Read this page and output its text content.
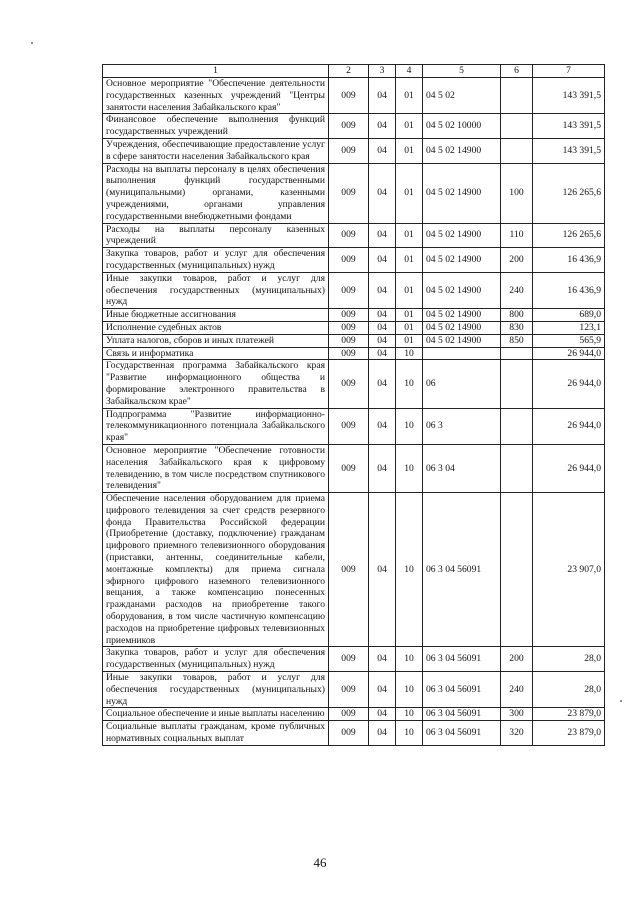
1	2	3	4	5	6	7
Основное мероприятие "Обеспечение деятельности государственных казенных учреждений "Центры занятости населения Забайкальского края"	009	04	01	04 5 02		143 391,5
Финансовое обеспечение выполнения функций государственных учреждений	009	04	01	04 5 02 10000		143 391,5
Учреждения, обеспечивающие предоставление услуг в сфере занятости населения Забайкальского края	009	04	01	04 5 02 14900		143 391,5
Расходы на выплаты персоналу в целях обеспечения выполнения функций государственными (муниципальными) органами, казенными учреждениями, органами управления государственными внебюджетными фондами	009	04	01	04 5 02 14900	100	126 265,6
Расходы на выплаты персоналу казенных учреждений	009	04	01	04 5 02 14900	110	126 265,6
Закупка товаров, работ и услуг для обеспечения государственных (муниципальных) нужд	009	04	01	04 5 02 14900	200	16 436,9
Иные закупки товаров, работ и услуг для обеспечения государственных (муниципальных) нужд	009	04	01	04 5 02 14900	240	16 436,9
Иные бюджетные ассигнования	009	04	01	04 5 02 14900	800	689,0
Исполнение судебных актов	009	04	01	04 5 02 14900	830	123,1
Уплата налогов, сборов и иных платежей	009	04	01	04 5 02 14900	850	565,9
Связь и информатика	009	04	10			26 944,0
Государственная программа Забайкальского края "Развитие информационного общества и формирование электронного правительства в Забайкальском крае"	009	04	10	06		26 944,0
Подпрограмма "Развитие информационно-телекоммуникационного потенциала Забайкальского края"	009	04	10	06 3		26 944,0
Основное мероприятие "Обеспечение готовности населения Забайкальского края к цифровому телевидению, в том числе посредством спутникового телевидения"	009	04	10	06 3 04		26 944,0
Обеспечение населения оборудованием для приема цифрового телевидения за счет средств резервного фонда Правительства Российской федерации (Приобретение (доставку, подключение) гражданам цифрового приемного телевизионного оборудования (приставки, антенны, соединительные кабели, монтажные комплекты) для приема сигнала эфирного цифрового наземного телевизионного вещания, а также компенсацию понесенных гражданами расходов на приобретение такого оборудования, в том числе частичную компенсацию расходов на приобретение цифровых телевизионных приемников	009	04	10	06 3 04 56091		23 907,0
Закупка товаров, работ и услуг для обеспечения государственных (муниципальных) нужд	009	04	10	06 3 04 56091	200	28,0
Иные закупки товаров, работ и услуг для обеспечения государственных (муниципальных) нужд	009	04	10	06 3 04 56091	240	28,0
Социальное обеспечение и иные выплаты населению	009	04	10	06 3 04 56091	300	23 879,0
Социальные выплаты гражданам, кроме публичных нормативных социальных выплат	009	04	10	06 3 04 56091	320	23 879,0
46
